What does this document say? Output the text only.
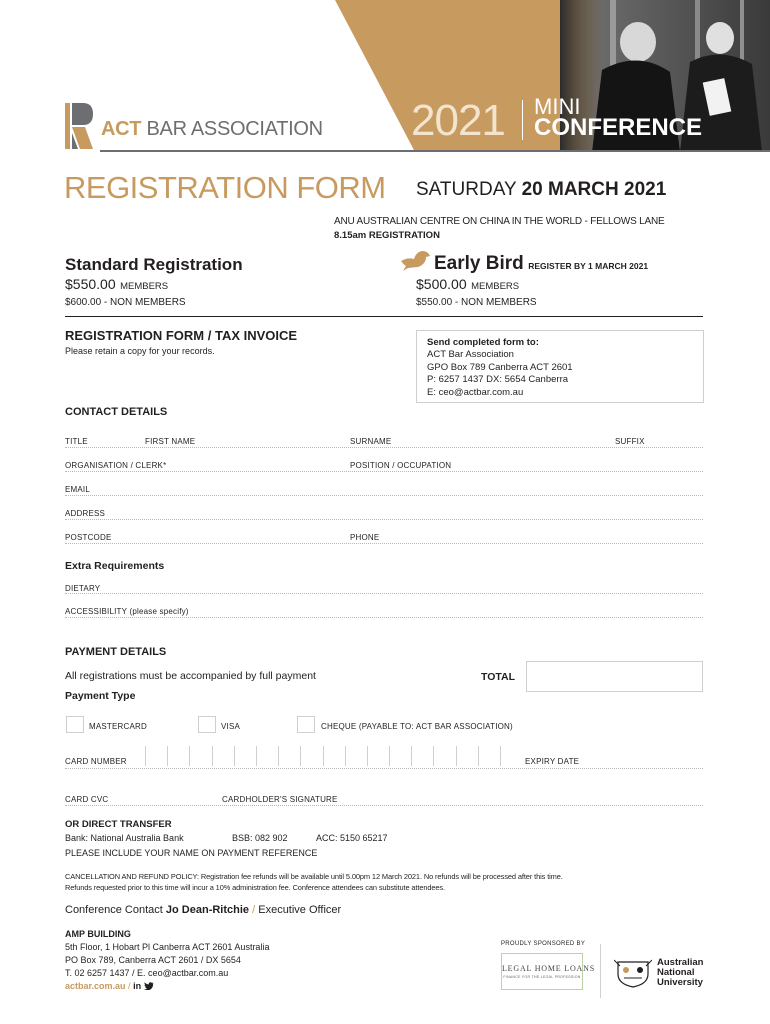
ACT BAR ASSOCIATION 2021 MINI
CONFERENCE
REGISTRATION FORM SATURDAY 20 MARCH 2021
ANU AUSTRALIAN CENTRE ON CHINA IN THE WORLD - FELLOWS LANE
8.15am REGISTRATION
Standard Registration
$550.00 MEMBERS
$600.00 - NON MEMBERS
Early Bird REGISTER BY 1 MARCH 2021
$500.00 MEMBERS
$550.00 - NON MEMBERS
REGISTRATION FORM / TAX INVOICE
Please retain a copy for your records.
Send completed form to:
ACT Bar Association
GPO Box 789 Canberra ACT 2601
P: 6257 1437 DX: 5654 Canberra
E: ceo@actbar.com.au
CONTACT DETAILS
TITLE	FIRST NAME	SURNAME	SUFFIX
ORGANISATION / CLERK*	POSITION / OCCUPATION
EMAIL
ADDRESS
POSTCODE	PHONE
Extra Requirements
DIETARY
ACCESSIBILITY (please specify)
PAYMENT DETAILS
All registrations must be accompanied by full payment	TOTAL
Payment Type
MASTERCARD	VISA	CHEQUE (PAYABLE TO: ACT BAR ASSOCIATION)
CARD NUMBER	EXPIRY DATE
CARD CVC	CARDHOLDER'S SIGNATURE
OR DIRECT TRANSFER
Bank: National Australia Bank	BSB: 082 902	ACC: 5150 65217
PLEASE INCLUDE YOUR NAME ON PAYMENT REFERENCE
CANCELLATION AND REFUND POLICY: Registration fee refunds will be available until 5.00pm 12 March 2021. No refunds will be processed after this time.
Refunds requested prior to this time will incur a 10% administration fee. Conference attendees can substitute attendees.
Conference Contact Jo Dean-Ritchie / Executive Officer
AMP BUILDING
5th Floor, 1 Hobart Pl Canberra ACT 2601 Australia
PO Box 789, Canberra ACT 2601 / DX 5654
T. 02 6257 1437 / E. ceo@actbar.com.au
actbar.com.au / in
PROUDLY SPONSORED BY
LEGAL HOME LOANS
FINANCE FOR THE LEGAL PROFESSION
Australian
National
University
